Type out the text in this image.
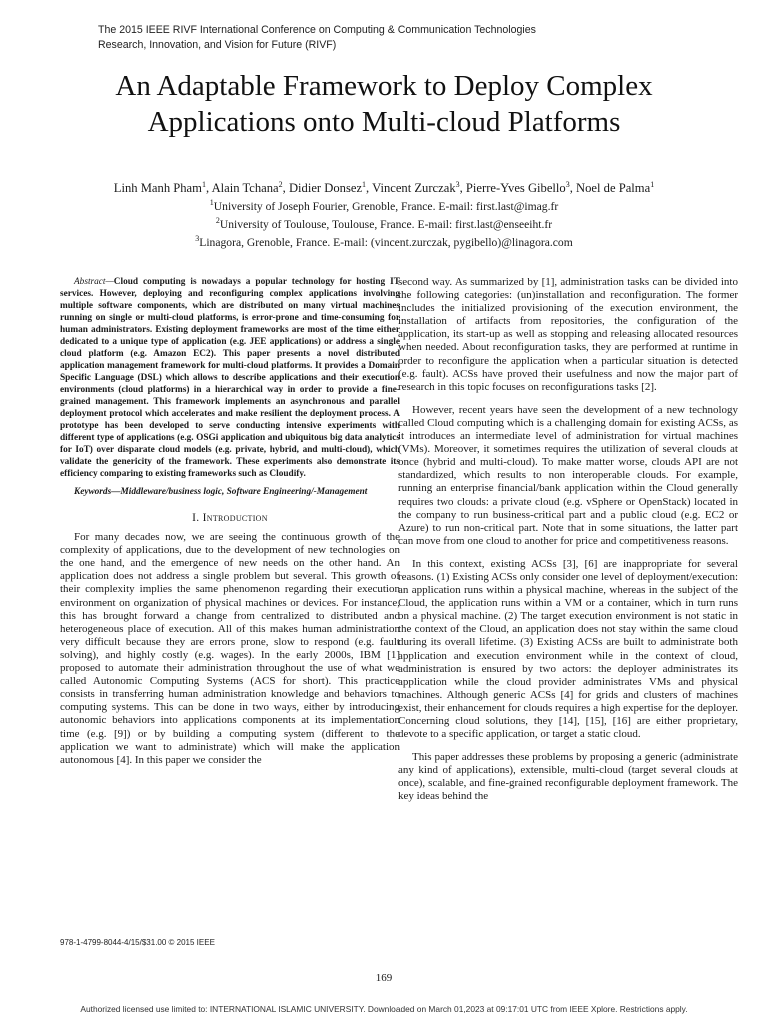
The 2015 IEEE RIVF International Conference on Computing & Communication Technologies
Research, Innovation, and Vision for Future (RIVF)
An Adaptable Framework to Deploy Complex
Applications onto Multi-cloud Platforms
Linh Manh Pham$^1$, Alain Tchana$^2$, Didier Donsez$^1$, Vincent Zurczak$^3$, Pierre-Yves Gibello$^3$, Noel de Palma$^1$
$^1$University of Joseph Fourier, Grenoble, France. E-mail: first.last@imag.fr
$^2$University of Toulouse, Toulouse, France. E-mail: first.last@enseeiht.fr
$^3$Linagora, Grenoble, France. E-mail: (vincent.zurczak, pygibello)@linagora.com

Abstract—Cloud computing is nowadays a popular technology for hosting IT services. However, deploying and reconfiguring complex applications involving multiple software components, which are distributed on many virtual machines running on single or multi-cloud platforms, is error-prone and time-consuming for human administrators. Existing deployment frameworks are most of the time either dedicated to a unique type of application (e.g. JEE applications) or address a single cloud platform (e.g. Amazon EC2). This paper presents a novel distributed application management framework for multi-cloud platforms. It provides a Domain Specific Language (DSL) which allows to describe applications and their execution environments (cloud platforms) in a hierarchical way in order to provide a fine-grained management. This framework implements an asynchronous and parallel deployment protocol which accelerates and make resilient the deployment process. A prototype has been developed to serve conducting intensive experiments with different type of applications (e.g. OSGi application and ubiquitous big data analytics for IoT) over disparate cloud models (e.g. private, hybrid, and multi-cloud), which validate the genericity of the framework. These experiments also demonstrate its efficiency comparing to existing frameworks such as Cloudify.

Keywords—Middleware/business logic, Software Engineering/-Management

I. Introduction

For many decades now, we are seeing the continuous growth of the complexity of applications, due to the development of new technologies on the one hand, and the emergence of new needs on the other hand. An application does not address a single problem but several. This growth of their complexity implies the same phenomenon regarding their execution environment on organization of physical machines or devices. For instance, this has brought forward a change from centralized to distributed and heterogeneous place of execution. All of this makes human administration very difficult because they are errors prone, slow to respond (e.g. fault solving), and highly costly (e.g. wages). In the early 2000s, IBM [1] proposed to automate their administration throughout the use of what we called Autonomic Computing Systems (ACS for short). This practice consists in transferring human administration knowledge and behaviors to computing systems. This can be done in two ways, either by introducing autonomic behaviors into applications components at its implementation time (e.g. [9]) or by building a computing system (different to the application we want to administrate) which will make the application autonomous [4]. In this paper we consider the

second way. As summarized by [1], administration tasks can be divided into the following categories: (un)installation and reconfiguration. The former includes the initialized provisioning of the execution environment, the installation of artifacts from repositories, the configuration of the application, its start-up as well as stopping and releasing allocated resources when needed. About reconfiguration tasks, they are performed at runtime in order to reconfigure the application when a particular situation is detected (e.g. fault). ACSs have proved their usefulness and now the major part of research in this topic focuses on reconfigurations tasks [2].

However, recent years have seen the development of a new technology called Cloud computing which is a challenging domain for existing ACSs, as it introduces an intermediate level of administration for virtual machines (VMs). Moreover, it sometimes requires the utilization of several clouds at once (hybrid and multi-cloud). To make matter worse, clouds API are not standardized, which results to non interoperable clouds. For example, running an enterprise financial/bank application within the Cloud generally requires two clouds: a private cloud (e.g. vSphere or OpenStack) located in the company to run business-critical part and a public cloud (e.g. EC2 or Azure) to run non-critical part. Note that in some situations, the latter part can move from one cloud to another for price and competitiveness reasons.

In this context, existing ACSs [3], [6] are inappropriate for several reasons. (1) Existing ACSs only consider one level of deployment/execution: an application runs within a physical machine, whereas in the subject of the Cloud, the application runs within a VM or a container, which in turn runs on a physical machine. (2) The target execution environment is not static in the context of the Cloud, an application does not stay within the same cloud during its overall lifetime. (3) Existing ACSs are built to administrate both application and execution environment while in the context of cloud, administration is ensured by two actors: the deployer administrates its application while the cloud provider administrates VMs and physical machines. Although generic ACSs [4] for grids and clusters of machines exist, their enhancement for clouds requires a high expertise for the deployer. Concerning cloud solutions, they [14], [15], [16] are either proprietary, devote to a specific application, or target a static cloud.

This paper addresses these problems by proposing a generic (administrate any kind of applications), extensible, multi-cloud (target several clouds at once), scalable, and fine-grained reconfigurable deployment framework. The key ideas behind the

978-1-4799-8044-4/15/$31.00 © 2015 IEEE
169
Authorized licensed use limited to: INTERNATIONAL ISLAMIC UNIVERSITY. Downloaded on March 01,2023 at 09:17:01 UTC from IEEE Xplore. Restrictions apply.
